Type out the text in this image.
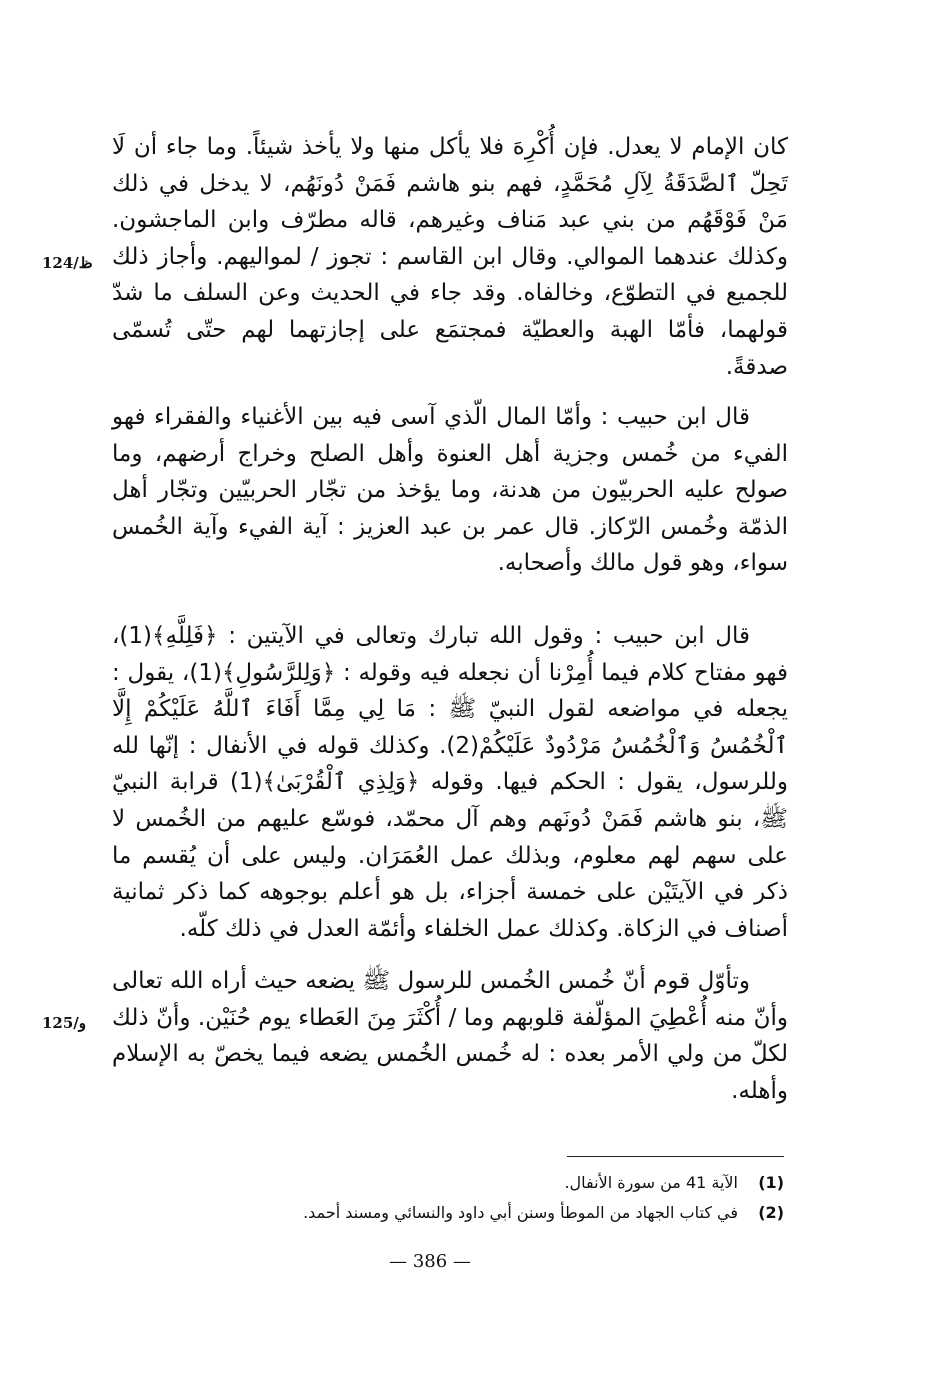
كان الإمام لا يعدل. فإن أُكْرِهَ فلا يأكل منها ولا يأخذ شيئاً. وما جاء أن لَا تَحِلّ ٱلصَّدَقَةُ لِآلِ مُحَمَّدٍ، فهم بنو هاشم فَمَنْ دُونَهُم، لا يدخل في ذلك مَنْ فَوْقَهُم من بني عبد مَناف وغيرهم، قاله مطرّف وابن الماجشون. وكذلك عندهما الموالي. وقال ابن القاسم : تجوز / لمواليهم. وأجاز ذلك للجميع في التطوّع، وخالفاه. وقد جاء في الحديث وعن السلف ما شدّ قولهما، فأمّا الهبة والعطيّة فمجتمَع على إجازتهما لهم حتّى تُسمّى صدقةً.

قال ابن حبيب : وأمّا المال الّذي آسى فيه بين الأغنياء والفقراء فهو الفيء من خُمس وجزية أهل العنوة وأهل الصلح وخراج أرضهم، وما صولح عليه الحربيّون من هدنة، وما يؤخذ من تجّار الحربيّين وتجّار أهل الذمّة وخُمس الرّكاز. قال عمر بن عبد العزيز : آية الفيء وآية الخُمس سواء، وهو قول مالك وأصحابه.

قال ابن حبيب : وقول الله تبارك وتعالى في الآيتين : ﴿فَلِلَّهِ﴾(1)، فهو مفتاح كلام فيما أُمِرْنا أن نجعله فيه وقوله : ﴿وَلِلرَّسُولِ﴾(1)، يقول : يجعله في مواضعه لقول النبيّ ﷺ : مَا لِي مِمَّا أَفَاءَ ٱللَّهُ عَلَيْكُمْ إِلَّا ٱلْخُمُسُ وَٱلْخُمُسُ مَرْدُودٌ عَلَيْكُمْ(2). وكذلك قوله في الأنفال : إنّها لله وللرسول، يقول : الحكم فيها. وقوله ﴿وَلِذِي ٱلْقُرْبَىٰ﴾(1) قرابة النبيّ ﷺ، بنو هاشم فَمَنْ دُونَهم وهم آل محمّد، فوسّع عليهم من الخُمس لا على سهم لهم معلوم، وبذلك عمل العُمَرَان. وليس على أن يُقسم ما ذكر في الآيتَيْن على خمسة أجزاء، بل هو أعلم بوجوهه كما ذكر ثمانية أصناف في الزكاة. وكذلك عمل الخلفاء وأئمّة العدل في ذلك كلّه.

وتأوّل قوم أنّ خُمس الخُمس للرسول ﷺ يضعه حيث أراه الله تعالى وأنّ منه أُعْطِيَ المؤلّفة قلوبهم وما / أُكْثَرَ مِنَ العَطاء يوم حُنَيْن. وأنّ ذلك لكلّ من ولي الأمر بعده : له خُمس الخُمس يضعه فيما يخصّ به الإسلام وأهله.

124/ظ
125/و
(1)
الآية 41 من سورة الأنفال.
(2)
في كتاب الجهاد من الموطأ وسنن أبي داود والنسائي ومسند أحمد.
— 386 —
